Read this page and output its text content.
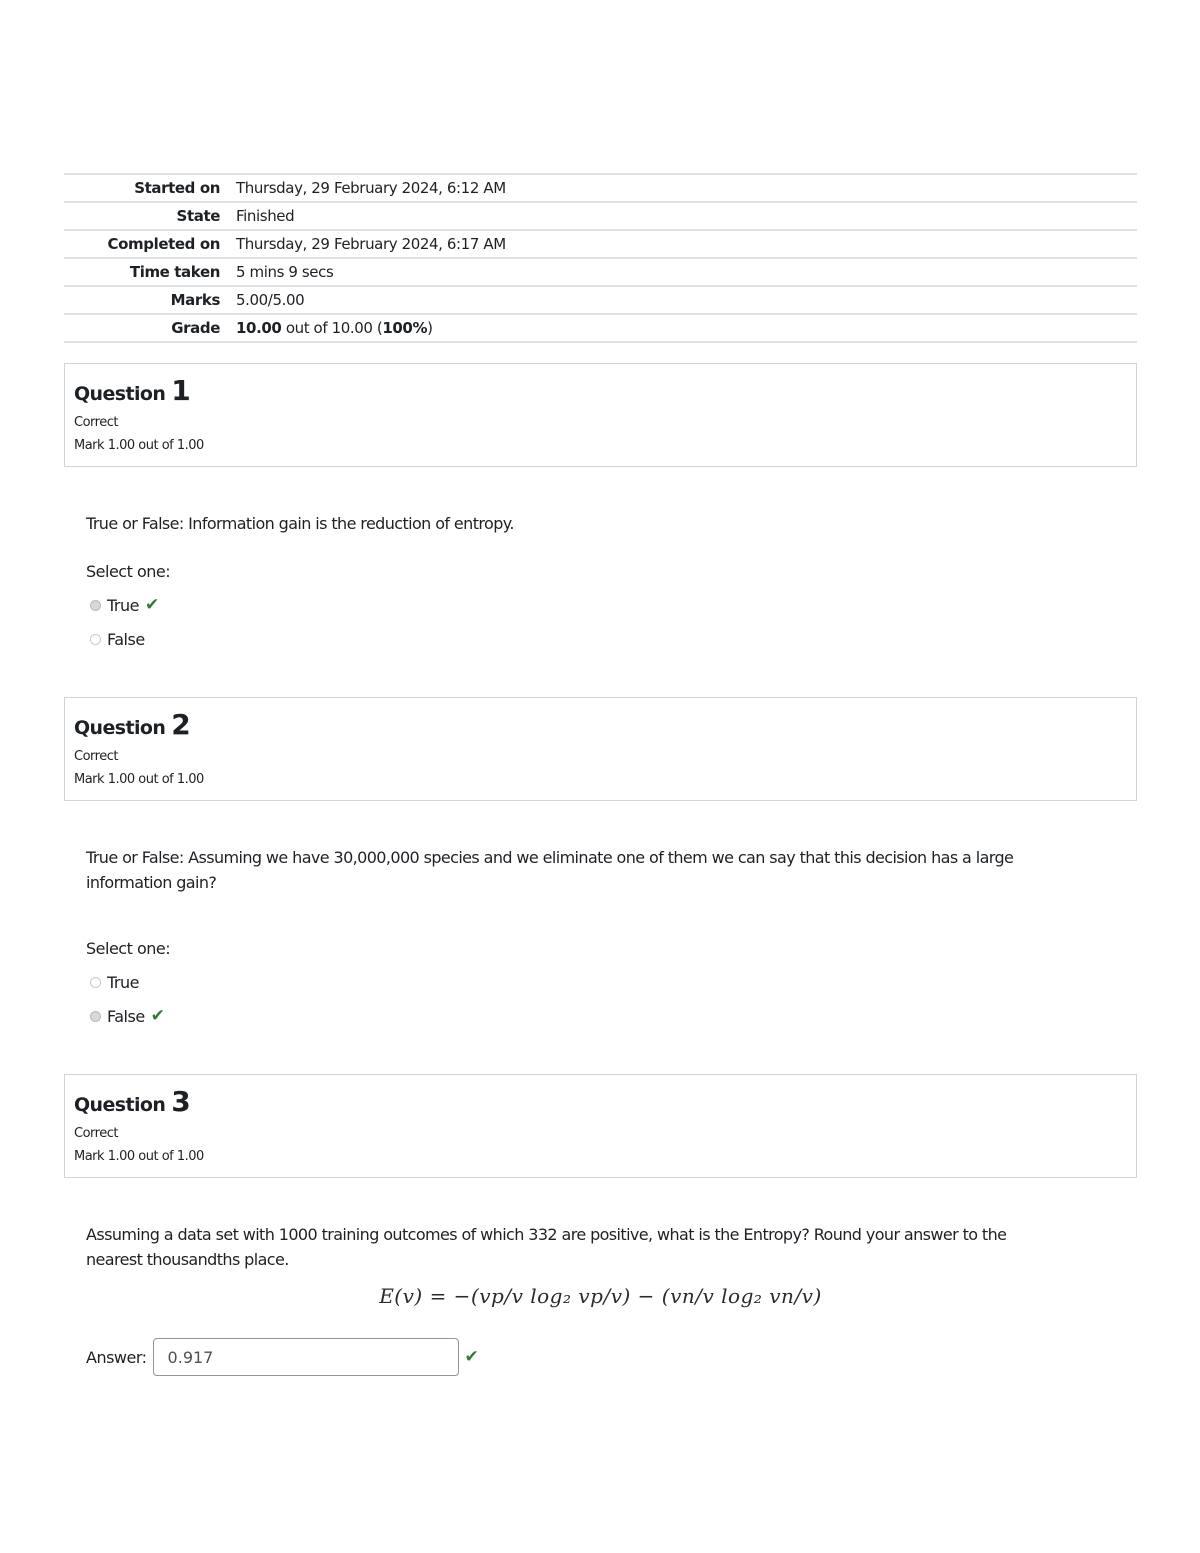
Started on	Thursday, 29 February 2024, 6:12 AM
State	Finished
Completed on	Thursday, 29 February 2024, 6:17 AM
Time taken	5 mins 9 secs
Marks	5.00/5.00
Grade	10.00 out of 10.00 (100%)
Question 1
Correct
Mark 1.00 out of 1.00
True or False: Information gain is the reduction of entropy.
Select one:
True ✔
False
Question 2
Correct
Mark 1.00 out of 1.00
True or False: Assuming we have 30,000,000 species and we eliminate one of them we can say that this decision has a large information gain?
Select one:
True
False ✔
Question 3
Correct
Mark 1.00 out of 1.00
Assuming a data set with 1000 training outcomes of which 332 are positive, what is the Entropy? Round your answer to the nearest thousandths place.
E(v) = −(vp/v log₂ vp/v) − (vn/v log₂ vn/v)
Answer:
0.917	✔
